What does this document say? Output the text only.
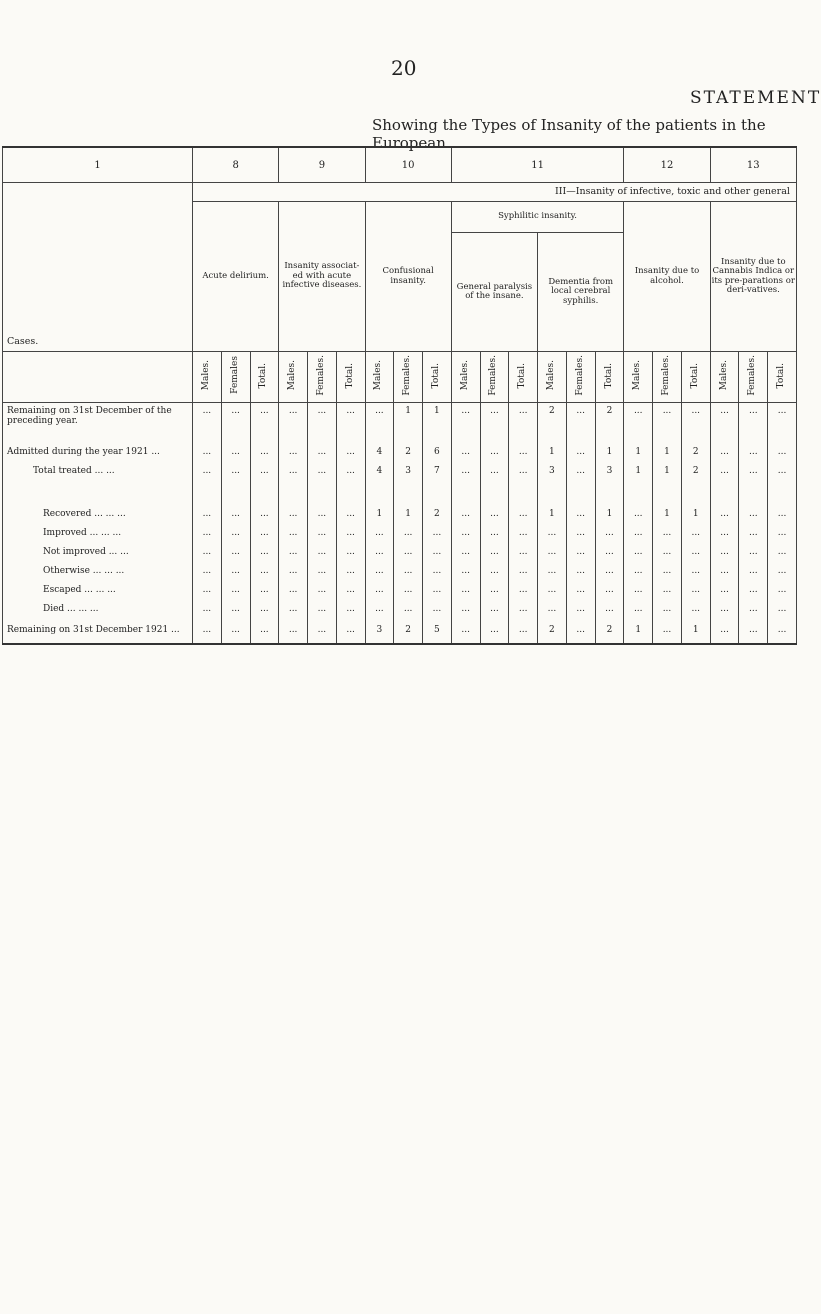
20
STATEMENT
Showing the Types of Insanity of the patients in the European
1	8			9			10			11						12			13		
Cases.	III—Insanity of infective, toxic and other general																				
	Acute delirium.			Insanity associat-ed with acute infective diseases.			Confusional insanity.			Syphilitic insanity.						Insanity due to alcohol.			Insanity due to Cannabis Indica or its pre-parations or deri-vatives.		
										General paralysis of the insane.			Dementia from local cerebral syphilis.								
	Males.	Females	Total.	Males.	Females.	Total.	Males.	Females.	Total.	Males.	Females.	Total.	Males.	Females.	Total.	Males.	Females.	Total.	Males.	Females.	Total.
Remaining on 31st December of the preceding year.	...	...	...	...	...	...	...	1	1	...	...	...	2	...	2	...	...	...	...	...	...
Admitted during the year 1921 ...	...	...	...	...	...	...	4	2	6	...	...	...	1	...	1	1	1	2	...	...	...
Total treated ... ...	...	...	...	...	...	...	4	3	7	...	...	...	3	...	3	1	1	2	...	...	...

Recovered ... ... ...	...	...	...	...	...	...	1	1	2	...	...	...	1	...	1	...	1	1	...	...	...
Improved ... ... ...	...	...	...	...	...	...	...	...	...	...	...	...	...	...	...	...	...	...	...	...	...
Not improved ... ...	...	...	...	...	...	...	...	...	...	...	...	...	...	...	...	...	...	...	...	...	...
Otherwise ... ... ...	...	...	...	...	...	...	...	...	...	...	...	...	...	...	...	...	...	...	...	...	...
Escaped ... ... ...	...	...	...	...	...	...	...	...	...	...	...	...	...	...	...	...	...	...	...	...	...
Died ... ... ...	...	...	...	...	...	...	...	...	...	...	...	...	...	...	...	...	...	...	...	...	...
Remaining on 31st December 1921 ...	...	...	...	...	...	...	3	2	5	...	...	...	2	...	2	1	...	1	...	...	...
